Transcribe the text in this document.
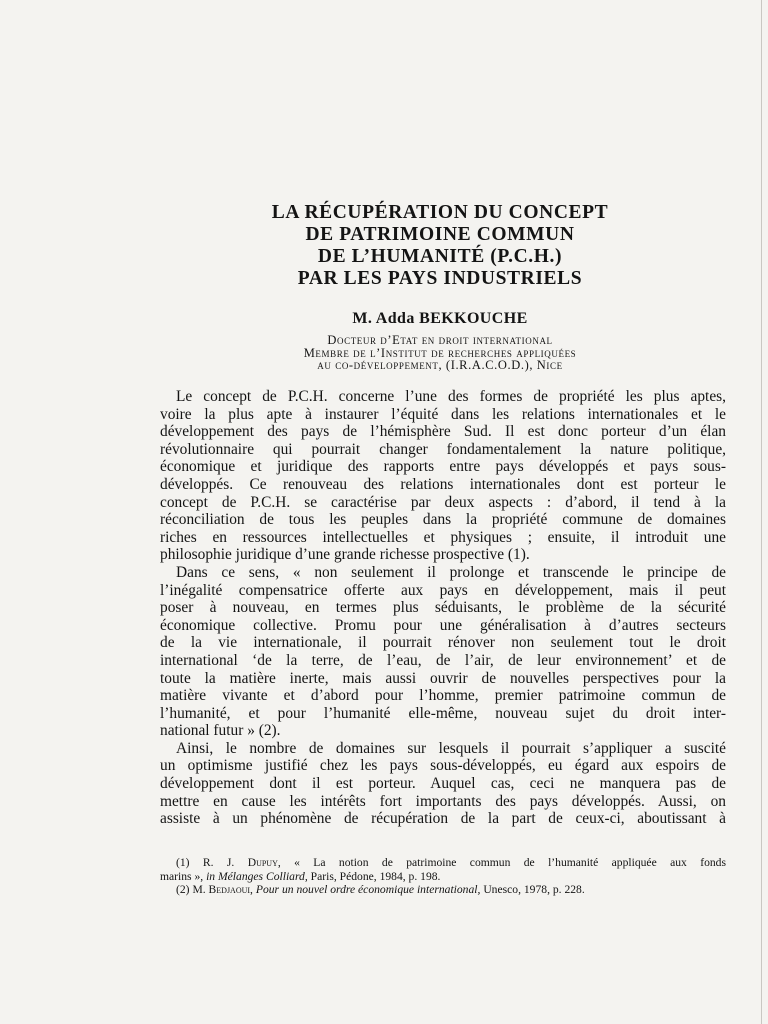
LA RÉCUPÉRATION DU CONCEPT
DE PATRIMOINE COMMUN
DE L’HUMANITÉ (P.C.H.)
PAR LES PAYS INDUSTRIELS
M. Adda BEKKOUCHE
Docteur d’Etat en droit international
Membre de l’Institut de recherches appliquées
au co-développement, (I.R.A.C.O.D.), Nice

Le concept de P.C.H. concerne l’une des formes de propriété les plus aptes,
voire la plus apte à instaurer l’équité dans les relations internationales et le
développement des pays de l’hémisphère Sud. Il est donc porteur d’un élan
révolutionnaire qui pourrait changer fondamentalement la nature politique,
économique et juridique des rapports entre pays développés et pays sous-
développés. Ce renouveau des relations internationales dont est porteur le
concept de P.C.H. se caractérise par deux aspects : d’abord, il tend à la
réconciliation de tous les peuples dans la propriété commune de domaines
riches en ressources intellectuelles et physiques ; ensuite, il introduit une
philosophie juridique d’une grande richesse prospective (1).

Dans ce sens, « non seulement il prolonge et transcende le principe de
l’inégalité compensatrice offerte aux pays en développement, mais il peut
poser à nouveau, en termes plus séduisants, le problème de la sécurité
économique collective. Promu pour une généralisation à d’autres secteurs
de la vie internationale, il pourrait rénover non seulement tout le droit
international ‘de la terre, de l’eau, de l’air, de leur environnement’ et de
toute la matière inerte, mais aussi ouvrir de nouvelles perspectives pour la
matière vivante et d’abord pour l’homme, premier patrimoine commun de
l’humanité, et pour l’humanité elle-même, nouveau sujet du droit inter-
national futur » (2).

Ainsi, le nombre de domaines sur lesquels il pourrait s’appliquer a suscité
un optimisme justifié chez les pays sous-développés, eu égard aux espoirs de
développement dont il est porteur. Auquel cas, ceci ne manquera pas de
mettre en cause les intérêts fort importants des pays développés. Aussi, on
assiste à un phénomène de récupération de la part de ceux-ci, aboutissant à

(1) R. J. Dupuy, « La notion de patrimoine commun de l’humanité appliquée aux fonds
marins », in Mélanges Colliard, Paris, Pédone, 1984, p. 198.
(2) M. Bedjaoui, Pour un nouvel ordre économique international, Unesco, 1978, p. 228.
